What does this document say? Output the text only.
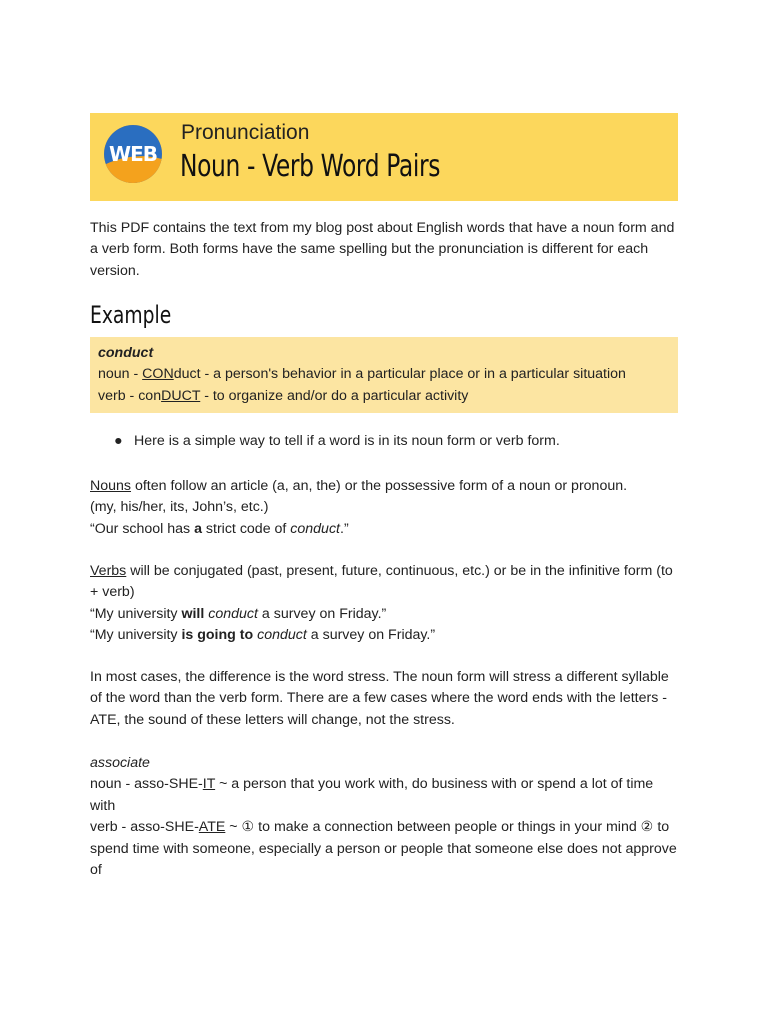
WEB
Pronunciation
Noun - Verb Word Pairs

This PDF contains the text from my blog post about English words that have a noun form and a verb form. Both forms have the same spelling but the pronunciation is different for each version.

Example
conduct
noun - CONduct - a person's behavior in a particular place or in a particular situation
verb - conDUCT - to organize and/or do a particular activity
● Here is a simple way to tell if a word is in its noun form or verb form.

Nouns often follow an article (a, an, the) or the possessive form of a noun or pronoun.

(my, his/her, its, John’s, etc.)

“Our school has a strict code of conduct.”

Verbs will be conjugated (past, present, future, continuous, etc.) or be in the infinitive form (to + verb)

“My university will conduct a survey on Friday.”

“My university is going to conduct a survey on Friday.”

In most cases, the difference is the word stress. The noun form will stress a different syllable of the word than the verb form. There are a few cases where the word ends with the letters -ATE, the sound of these letters will change, not the stress.

associate

noun - asso-SHE-IT ~ a person that you work with, do business with or spend a lot of time with

verb - asso-SHE-ATE ~ ① to make a connection between people or things in your mind ② to spend time with someone, especially a person or people that someone else does not approve of
